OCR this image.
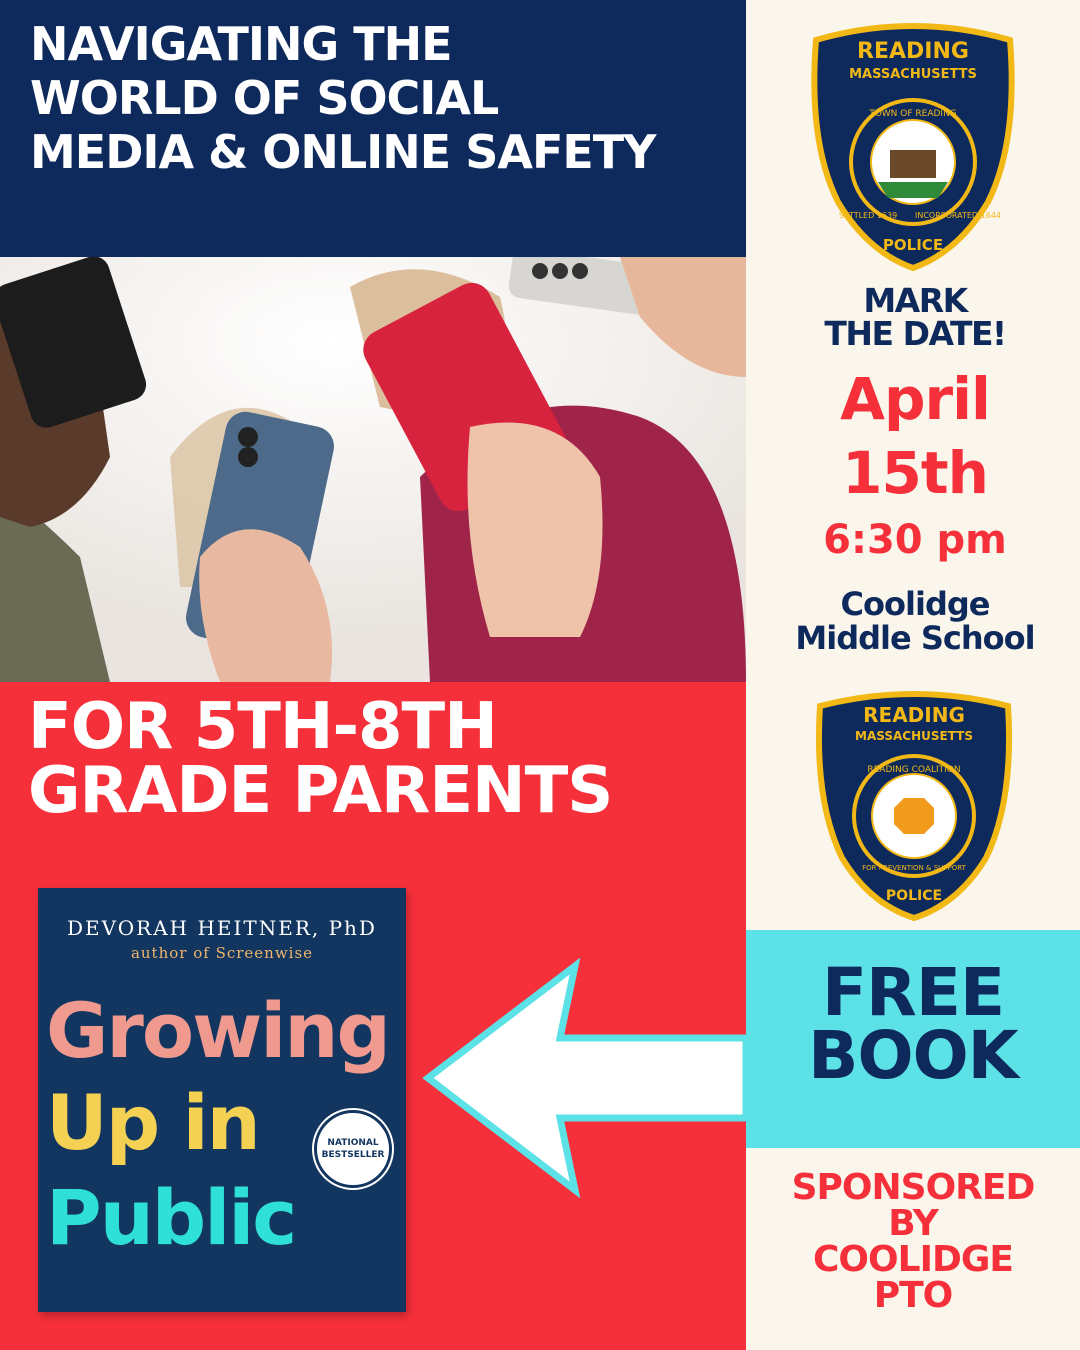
NAVIGATING THE
WORLD OF SOCIAL
MEDIA & ONLINE SAFETY
FOR 5TH-8TH
GRADE PARENTS
DEVORAH HEITNER, PhD
author of Screenwise
Growing
Up in
Public
NATIONAL
BESTSELLER
READING
MASSACHUSETTS
TOWN OF READING
SETTLED 1639 INCORPORATED 1644
POLICE
MARK
THE DATE!
April
15th
6:30 pm
Coolidge
Middle School
READING
MASSACHUSETTS
READING COALITION
FOR PREVENTION & SUPPORT
POLICE
FREE
BOOK
SPONSORED
BY
COOLIDGE
PTO
